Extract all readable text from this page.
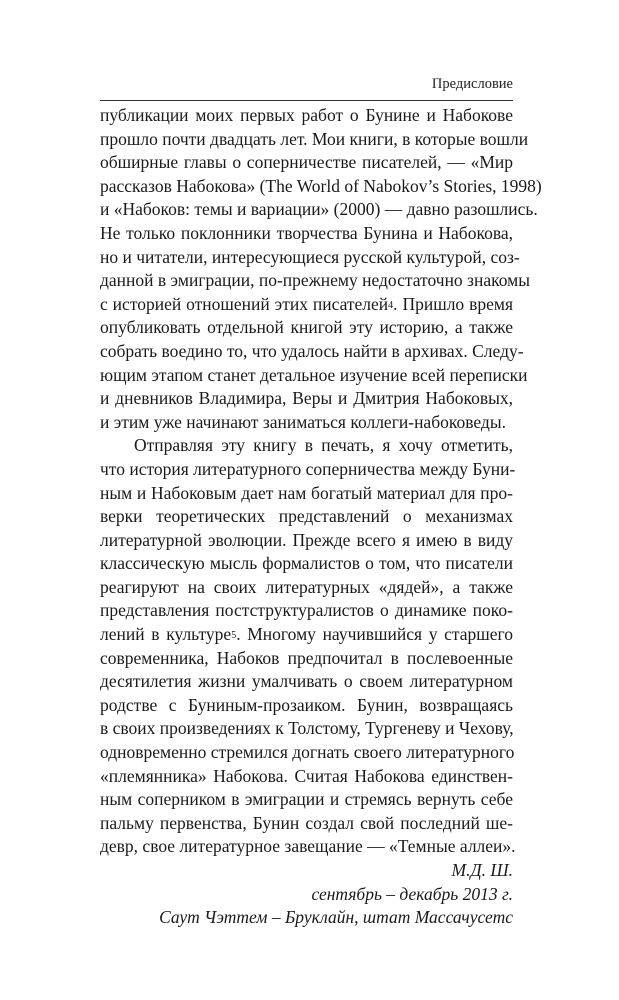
Предисловие
публикации моих первых работ о Бунине и Набокове
прошло почти двадцать лет. Мои книги, в которые вошли
обширные главы о соперничестве писателей, — «Мир
рассказов Набокова» (The World of Nabokov’s Stories, 1998)
и «Набоков: темы и вариации» (2000) — давно разошлись.
Не только поклонники творчества Бунина и Набокова,
но и читатели, интересующиеся русской культурой, соз-
данной в эмиграции, по-прежнему недостаточно знакомы
с историей отношений этих писателей$^4$. Пришло время
опубликовать отдельной книгой эту историю, а также
собрать воедино то, что удалось найти в архивах. Следу-
ющим этапом станет детальное изучение всей переписки
и дневников Владимира, Веры и Дмитрия Набоковых,
и этим уже начинают заниматься коллеги-набоковеды.
Отправляя эту книгу в печать, я хочу отметить,
что история литературного соперничества между Буни-
ным и Набоковым дает нам богатый материал для про-
верки теоретических представлений о механизмах
литературной эволюции. Прежде всего я имею в виду
классическую мысль формалистов о том, что писатели
реагируют на своих литературных «дядей», а также
представления постструктуралистов о динамике поко-
лений в культуре$^5$. Многому научившийся у старшего
современника, Набоков предпочитал в послевоенные
десятилетия жизни умалчивать о своем литературном
родстве с Буниным-прозаиком. Бунин, возвращаясь
в своих произведениях к Толстому, Тургеневу и Чехову,
одновременно стремился догнать своего литературного
«племянника» Набокова. Считая Набокова единствен-
ным соперником в эмиграции и стремясь вернуть себе
пальму первенства, Бунин создал свой последний ше-
девр, свое литературное завещание — «Темные аллеи».
М.Д. Ш.
сентябрь – декабрь 2013 г.
Саут Чэттем – Бруклайн, штат Массачусетс
